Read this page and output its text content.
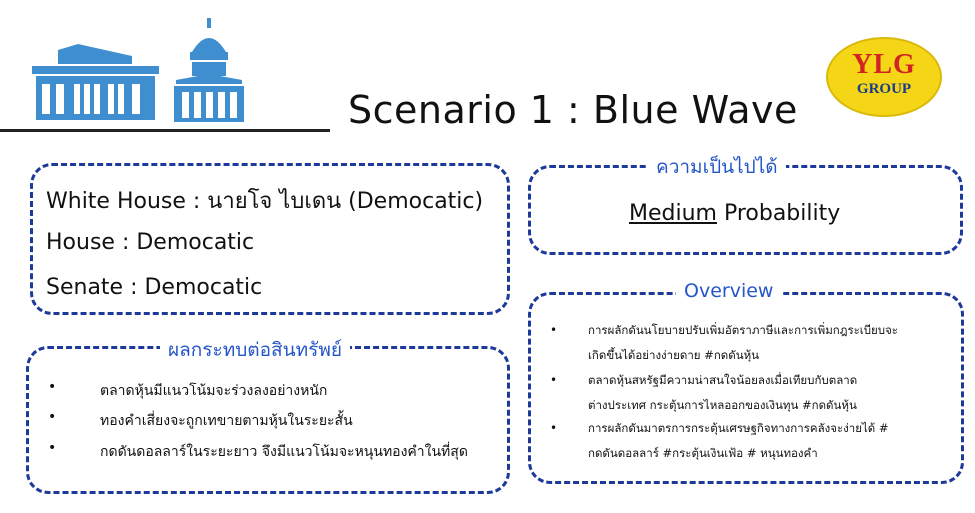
Scenario 1 : Blue Wave
YLG
GROUP
White House : นายโจ ไบเดน (Democatic)
House : Democatic
Senate : Democatic
ความเป็นไปได้
Medium Probability
ผลกระทบต่อสินทรัพย์
•	ตลาดหุ้นมีแนวโน้มจะร่วงลงอย่างหนัก
•	ทองคำเสี่ยงจะถูกเทขายตามหุ้นในระยะสั้น
•	กดดันดอลลาร์ในระยะยาว จึงมีแนวโน้มจะหนุนทองคำในที่สุด
Overview
•	การผลักดันนโยบายปรับเพิ่มอัตราภาษีและการเพิ่มกฎระเบียบจะ
เกิดขึ้นได้อย่างง่ายดาย #กดดันหุ้น
•	ตลาดหุ้นสหรัฐมีความน่าสนใจน้อยลงเมื่อเทียบกับตลาด
ต่างประเทศ กระตุ้นการไหลออกของเงินทุน #กดดันหุ้น
•	การผลักดันมาตรการกระตุ้นเศรษฐกิจทางการคลังจะง่ายได้ #
กดดันดอลลาร์ #กระตุ้นเงินเฟ้อ # หนุนทองคำ
